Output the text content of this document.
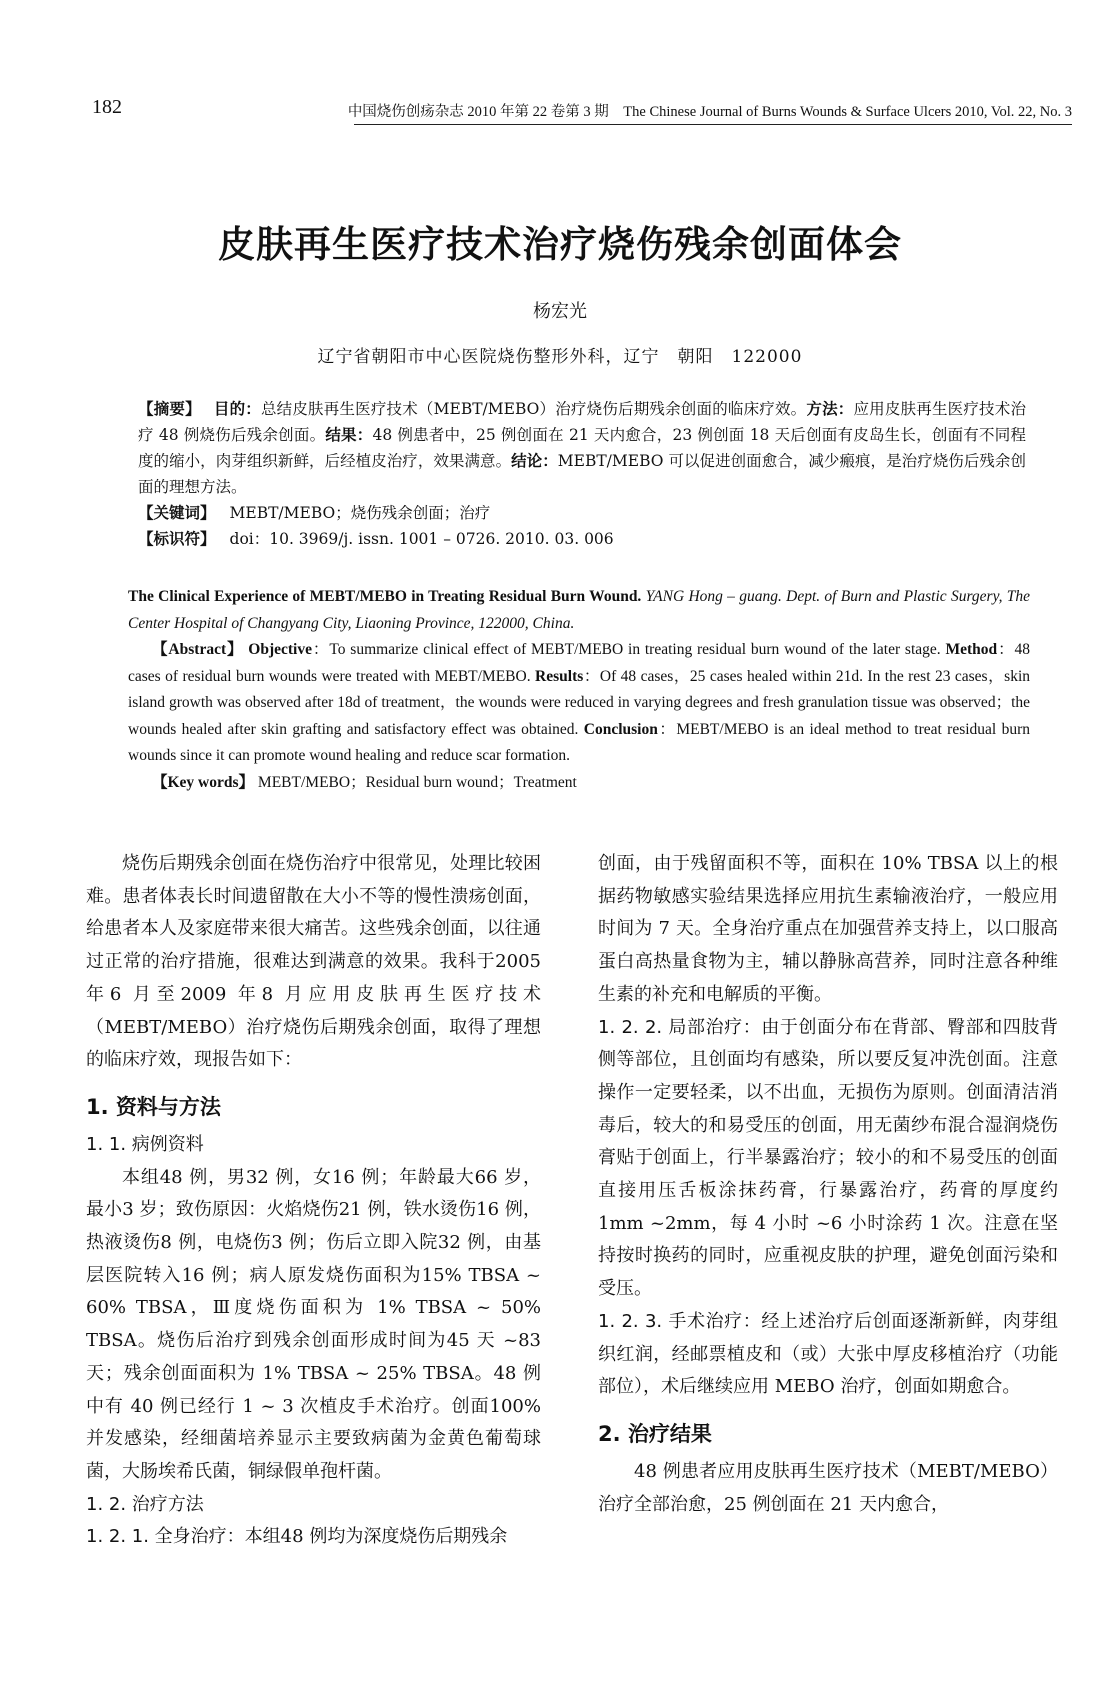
182	中国烧伤创疡杂志 2010 年第 22 卷第 3 期　The Chinese Journal of Burns Wounds & Surface Ulcers 2010, Vol. 22, No. 3
皮肤再生医疗技术治疗烧伤残余创面体会
杨宏光
辽宁省朝阳市中心医院烧伤整形外科，辽宁　朝阳　122000

【摘要】　 目的：总结皮肤再生医疗技术（MEBT/MEBO）治疗烧伤后期残余创面的临床疗效。方法：应用皮肤再生医疗技术治疗 48 例烧伤后残余创面。结果：48 例患者中，25 例创面在 21 天内愈合，23 例创面 18 天后创面有皮岛生长，创面有不同程度的缩小，肉芽组织新鲜，后经植皮治疗，效果满意。结论：MEBT/MEBO 可以促进创面愈合，减少瘢痕，是治疗烧伤后残余创面的理想方法。

【关键词】 MEBT/MEBO；烧伤残余创面；治疗

【标识符】 doi：10. 3969/j. issn. 1001 – 0726. 2010. 03. 006

The Clinical Experience of MEBT/MEBO in Treating Residual Burn Wound. YANG Hong – guang. Dept. of Burn and Plastic Surgery, The Center Hospital of Changyang City, Liaoning Province, 122000, China.

【Abstract】 Objective：To summarize clinical effect of MEBT/MEBO in treating residual burn wound of the later stage. Method：48 cases of residual burn wounds were treated with MEBT/MEBO. Results：Of 48 cases，25 cases healed within 21d. In the rest 23 cases，skin island growth was observed after 18d of treatment，the wounds were reduced in varying degrees and fresh granulation tissue was observed；the wounds healed after skin grafting and satisfactory effect was obtained. Conclusion：MEBT/MEBO is an ideal method to treat residual burn wounds since it can promote wound healing and reduce scar formation.

【Key words】 MEBT/MEBO；Residual burn wound；Treatment

烧伤后期残余创面在烧伤治疗中很常见，处理比较困难。患者体表长时间遗留散在大小不等的慢性溃疡创面，给患者本人及家庭带来很大痛苦。这些残余创面，以往通过正常的治疗措施，很难达到满意的效果。我科于2005 年6 月至2009 年8 月应用皮肤再生医疗技术（MEBT/MEBO）治疗烧伤后期残余创面，取得了理想的临床疗效，现报告如下：

1. 资料与方法

1. 1. 病例资料

本组48 例，男32 例，女16 例；年龄最大66 岁，最小3 岁；致伤原因：火焰烧伤21 例，铁水烫伤16 例，热液烫伤8 例，电烧伤3 例；伤后立即入院32 例，由基层医院转入16 例；病人原发烧伤面积为15% TBSA ~ 60% TBSA，Ⅲ度烧伤面积为 1% TBSA ~ 50% TBSA。烧伤后治疗到残余创面形成时间为45 天 ~83 天；残余创面面积为 1% TBSA ~ 25% TBSA。48 例中有 40 例已经行 1 ~ 3 次植皮手术治疗。创面100% 并发感染，经细菌培养显示主要致病菌为金黄色葡萄球菌，大肠埃希氏菌，铜绿假单孢杆菌。

1. 2. 治疗方法

1. 2. 1. 全身治疗：本组48 例均为深度烧伤后期残余

创面，由于残留面积不等，面积在 10% TBSA 以上的根据药物敏感实验结果选择应用抗生素输液治疗，一般应用时间为 7 天。全身治疗重点在加强营养支持上，以口服高蛋白高热量食物为主，辅以静脉高营养，同时注意各种维生素的补充和电解质的平衡。

1. 2. 2. 局部治疗：由于创面分布在背部、臀部和四肢背侧等部位，且创面均有感染，所以要反复冲洗创面。注意操作一定要轻柔，以不出血，无损伤为原则。创面清洁消毒后，较大的和易受压的创面，用无菌纱布混合湿润烧伤膏贴于创面上，行半暴露治疗；较小的和不易受压的创面直接用压舌板涂抹药膏，行暴露治疗，药膏的厚度约 1mm ~2mm，每 4 小时 ~6 小时涂药 1 次。注意在坚持按时换药的同时，应重视皮肤的护理，避免创面污染和受压。

1. 2. 3. 手术治疗：经上述治疗后创面逐渐新鲜，肉芽组织红润，经邮票植皮和（或）大张中厚皮移植治疗（功能部位），术后继续应用 MEBO 治疗，创面如期愈合。

2. 治疗结果

48 例患者应用皮肤再生医疗技术（MEBT/MEBO）治疗全部治愈，25 例创面在 21 天内愈合，
